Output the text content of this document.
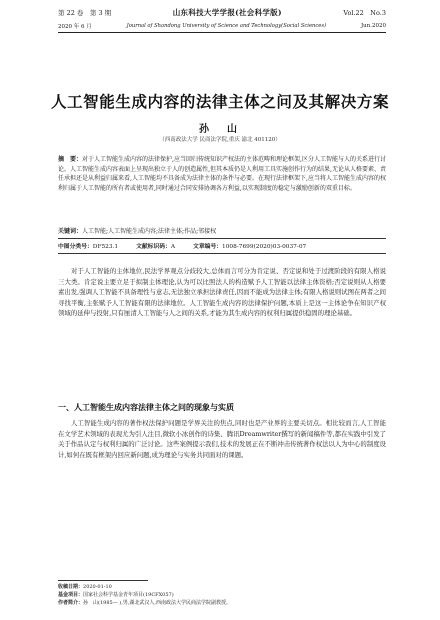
第 22 卷　第 3 期	山东科技大学学报(社会科学版)	Vol.22　No.3
2020 年 6 月	Journal of Shandong University of Science and Technology(Social Sciences)	Jun.2020
人工智能生成内容的法律主体之问及其解决方案
孙　山
（西南政法大学 民商法学院,重庆 渝北 401120）
摘　要：对于人工智能生成内容的法律保护,应当回归传统知识产权法的主体范畴和理论框架,区分人工智能与人的关系进行讨论。人工智能生成内容表面上呈现出独立于人的创造属性,但其本质仍是人利用工具实施创作行为的结果,无论从人格要素、责任承担还是从利益归属来看,人工智能均不具备成为法律主体的条件与必要。在现行法律框架下,应当将人工智能生成内容的权利归属于人工智能的所有者或使用者,同时通过合同安排协调各方利益,以实现制度的稳定与激励创新的双重目标。
关键词：人工智能;人工智能生成内容;法律主体;作品;邻接权
中图分类号：DF523.1	文献标识码：A	文章编号：1008-7699(2020)03-0037-07
对于人工智能的主体地位,民法学界观点分歧较大,总体而言可分为肯定说、否定说和处于过渡阶段的有限人格说三大类。肯定说主要立足于拟制主体理论,认为可以比照法人的构造赋予人工智能以法律主体资格;否定说则从人格要素出发,强调人工智能不具备理性与意志,无法独立承担法律责任,因而不能成为法律主体;有限人格说则试图在两者之间寻找平衡,主张赋予人工智能有限的法律地位。人工智能生成内容的法律保护问题,本质上是这一主体论争在知识产权领域的延伸与投射,只有厘清人工智能与人之间的关系,才能为其生成内容的权利归属提供稳固的理论基础。
一、人工智能生成内容法律主体之问的现象与实质
人工智能生成内容的著作权法保护问题是学界关注的焦点,同时也是产业界的主要关切点。相比较而言,人工智能在文学艺术领域的表现尤为引人注目,微软小冰创作的诗集、腾讯Dreamwriter撰写的新闻稿件等,都在实践中引发了关于作品认定与权利归属的广泛讨论。这些案例提示我们,技术的发展正在不断冲击传统著作权法以人为中心的制度设计,如何在既有框架内回应新问题,成为理论与实务共同面对的课题。
收稿日期：2020-01-10
基金项目：国家社会科学基金青年项目(19CFX057)
作者简介：孙　山(1985— ),男,湖北武汉人,西南政法大学民商法学院副教授。
